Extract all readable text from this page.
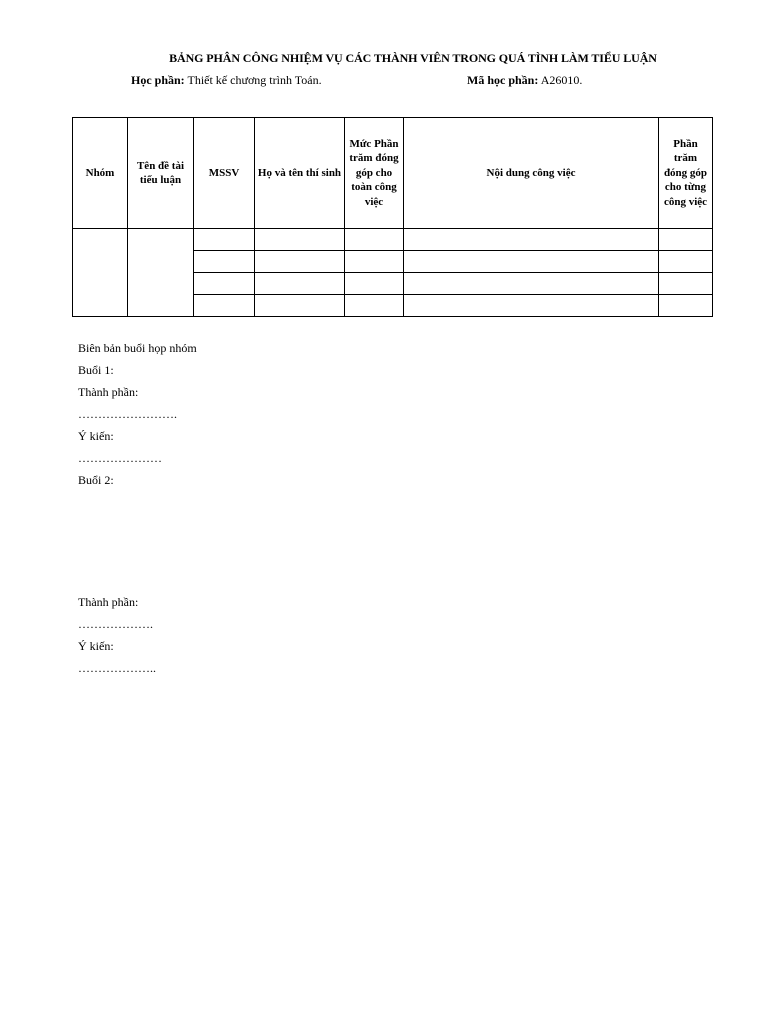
BẢNG PHÂN CÔNG NHIỆM VỤ CÁC THÀNH VIÊN TRONG QUÁ TÌNH LÀM TIỂU LUẬN
Học phần: Thiết kế chương trình Toán.	Mã học phần: A26010.
Nhóm	Tên đề tài tiểu luận	MSSV	Họ và tên thí sinh	Mức Phần trăm đóng góp cho toàn công việc	Nội dung công việc	Phần trăm đóng góp cho từng công việc

Biên bản buổi họp nhóm
Buổi 1:
Thành phần:
…………………….
Ý kiến:
…………………
Buổi 2:
Thành phần:
……………….
Ý kiến:
………………..
